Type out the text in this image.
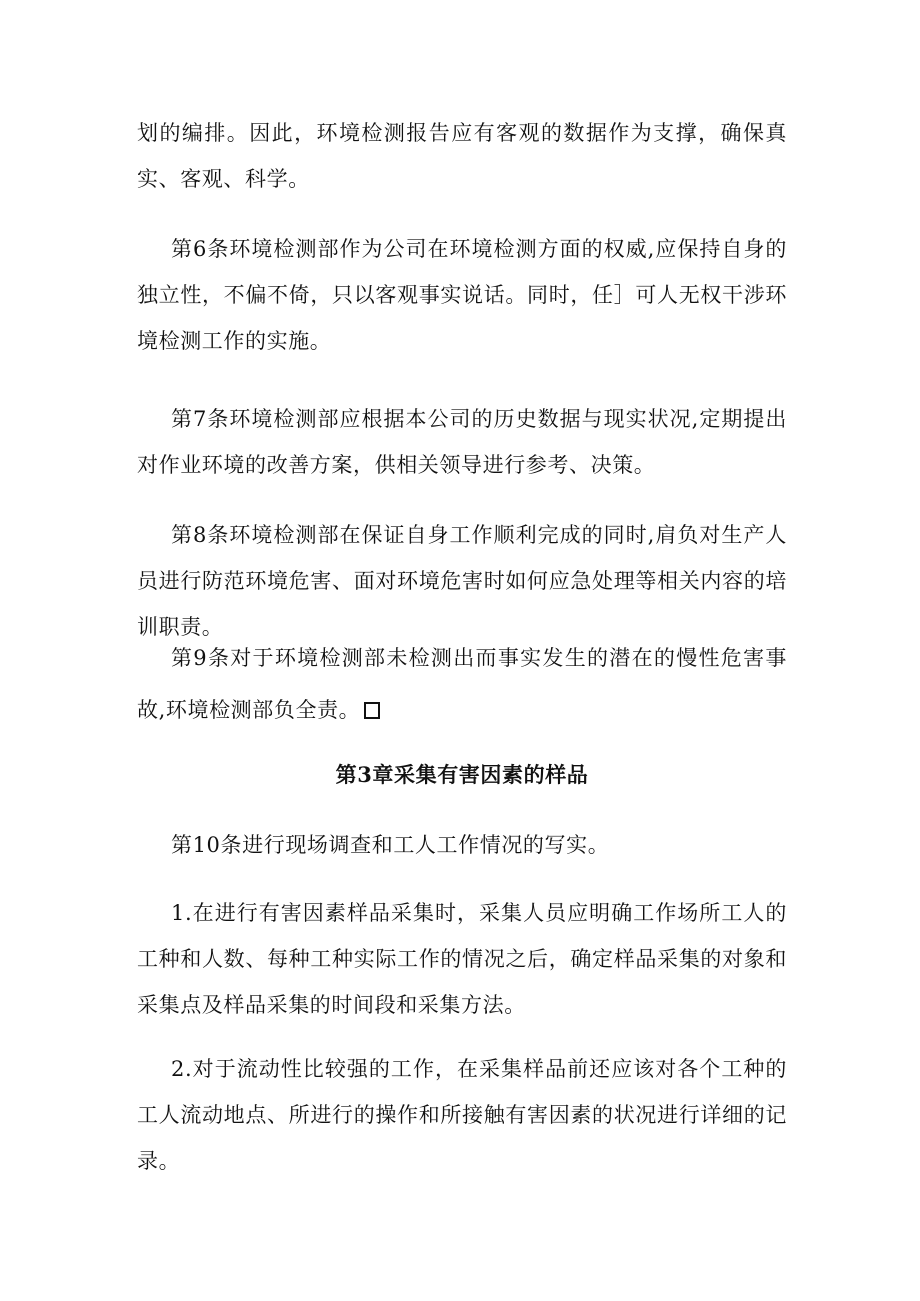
划的编排。因此，环境检测报告应有客观的数据作为支撑，确保真实、客观、科学。

第6条环境检测部作为公司在环境检测方面的权威,应保持自身的独立性，不偏不倚，只以客观事实说话。同时，任］可人无权干涉环境检测工作的实施。

第7条环境检测部应根据本公司的历史数据与现实状况,定期提出对作业环境的改善方案，供相关领导进行参考、决策。

第8条环境检测部在保证自身工作顺利完成的同时,肩负对生产人员进行防范环境危害、面对环境危害时如何应急处理等相关内容的培训职责。

第9条对于环境检测部未检测出而事实发生的潜在的慢性危害事故,环境检测部负全责。

第3章采集有害因素的样品

第10条进行现场调查和工人工作情况的写实。

1.在进行有害因素样品采集时，采集人员应明确工作场所工人的工种和人数、每种工种实际工作的情况之后，确定样品采集的对象和采集点及样品采集的时间段和采集方法。

2.对于流动性比较强的工作，在采集样品前还应该对各个工种的工人流动地点、所进行的操作和所接触有害因素的状况进行详细的记录。
